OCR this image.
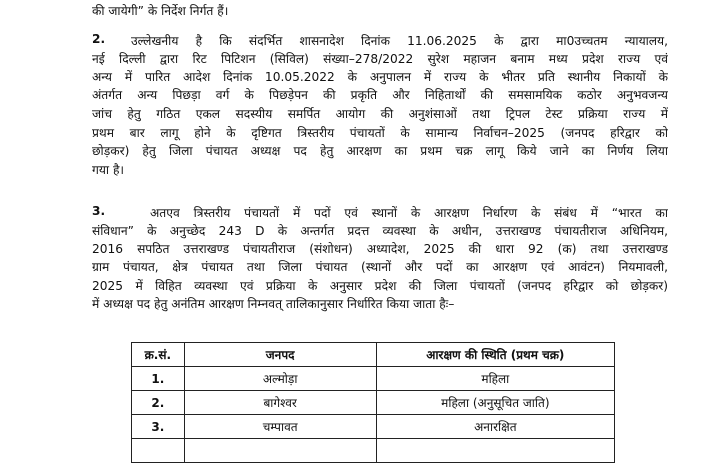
की जायेगी” के निर्देश निर्गत हैं।
2. उल्लेखनीय है कि संदर्भित शासनादेश दिनांक 11.06.2025 के द्वारा मा0उच्चतम न्यायालय,
नई दिल्ली द्वारा रिट पिटिशन (सिविल) संख्या–278/2022 सुरेश महाजन बनाम मध्य प्रदेश राज्य एवं
अन्य में पारित आदेश दिनांक 10.05.2022 के अनुपालन में राज्य के भीतर प्रति स्थानीय निकायों के
अंतर्गत अन्य पिछड़ा वर्ग के पिछड़ेपन की प्रकृति और निहितार्थों की समसामयिक कठोर अनुभवजन्य
जांच हेतु गठित एकल सदस्यीय समर्पित आयोग की अनुशंसाओं तथा ट्रिपल टेस्ट प्रक्रिया राज्य में
प्रथम बार लागू होने के दृष्टिगत त्रिस्तरीय पंचायतों के सामान्य निर्वाचन–2025 (जनपद हरिद्वार को
छोड़कर) हेतु जिला पंचायत अध्यक्ष पद हेतु आरक्षण का प्रथम चक्र लागू किये जाने का निर्णय लिया
गया है।
3.	अतएव त्रिस्तरीय पंचायतों में पदों एवं स्थानों के आरक्षण निर्धारण के संबंध में “भारत का
संविधान” के अनुच्छेद 243 D के अन्तर्गत प्रदत्त व्यवस्था के अधीन, उत्तराखण्ड पंचायतीराज अधिनियम,
2016 सपठित उत्तराखण्ड पंचायतीराज (संशोधन) अध्यादेश, 2025 की धारा 92 (क) तथा उत्तराखण्ड
ग्राम पंचायत, क्षेत्र पंचायत तथा जिला पंचायत (स्थानों और पदों का आरक्षण एवं आवंटन) नियमावली,
2025 में विहित व्यवस्था एवं प्रक्रिया के अनुसार प्रदेश की जिला पंचायतों (जनपद हरिद्वार को छोड़कर)
में अध्यक्ष पद हेतु अनंतिम आरक्षण निम्नवत् तालिकानुसार निर्धारित किया जाता हैः–
क्र.सं.	जनपद	आरक्षण की स्थिति (प्रथम चक्र)
1.	अल्मोड़ा	महिला
2.	बागेश्वर	महिला (अनुसूचित जाति)
3.	चम्पावत	अनारक्षित
